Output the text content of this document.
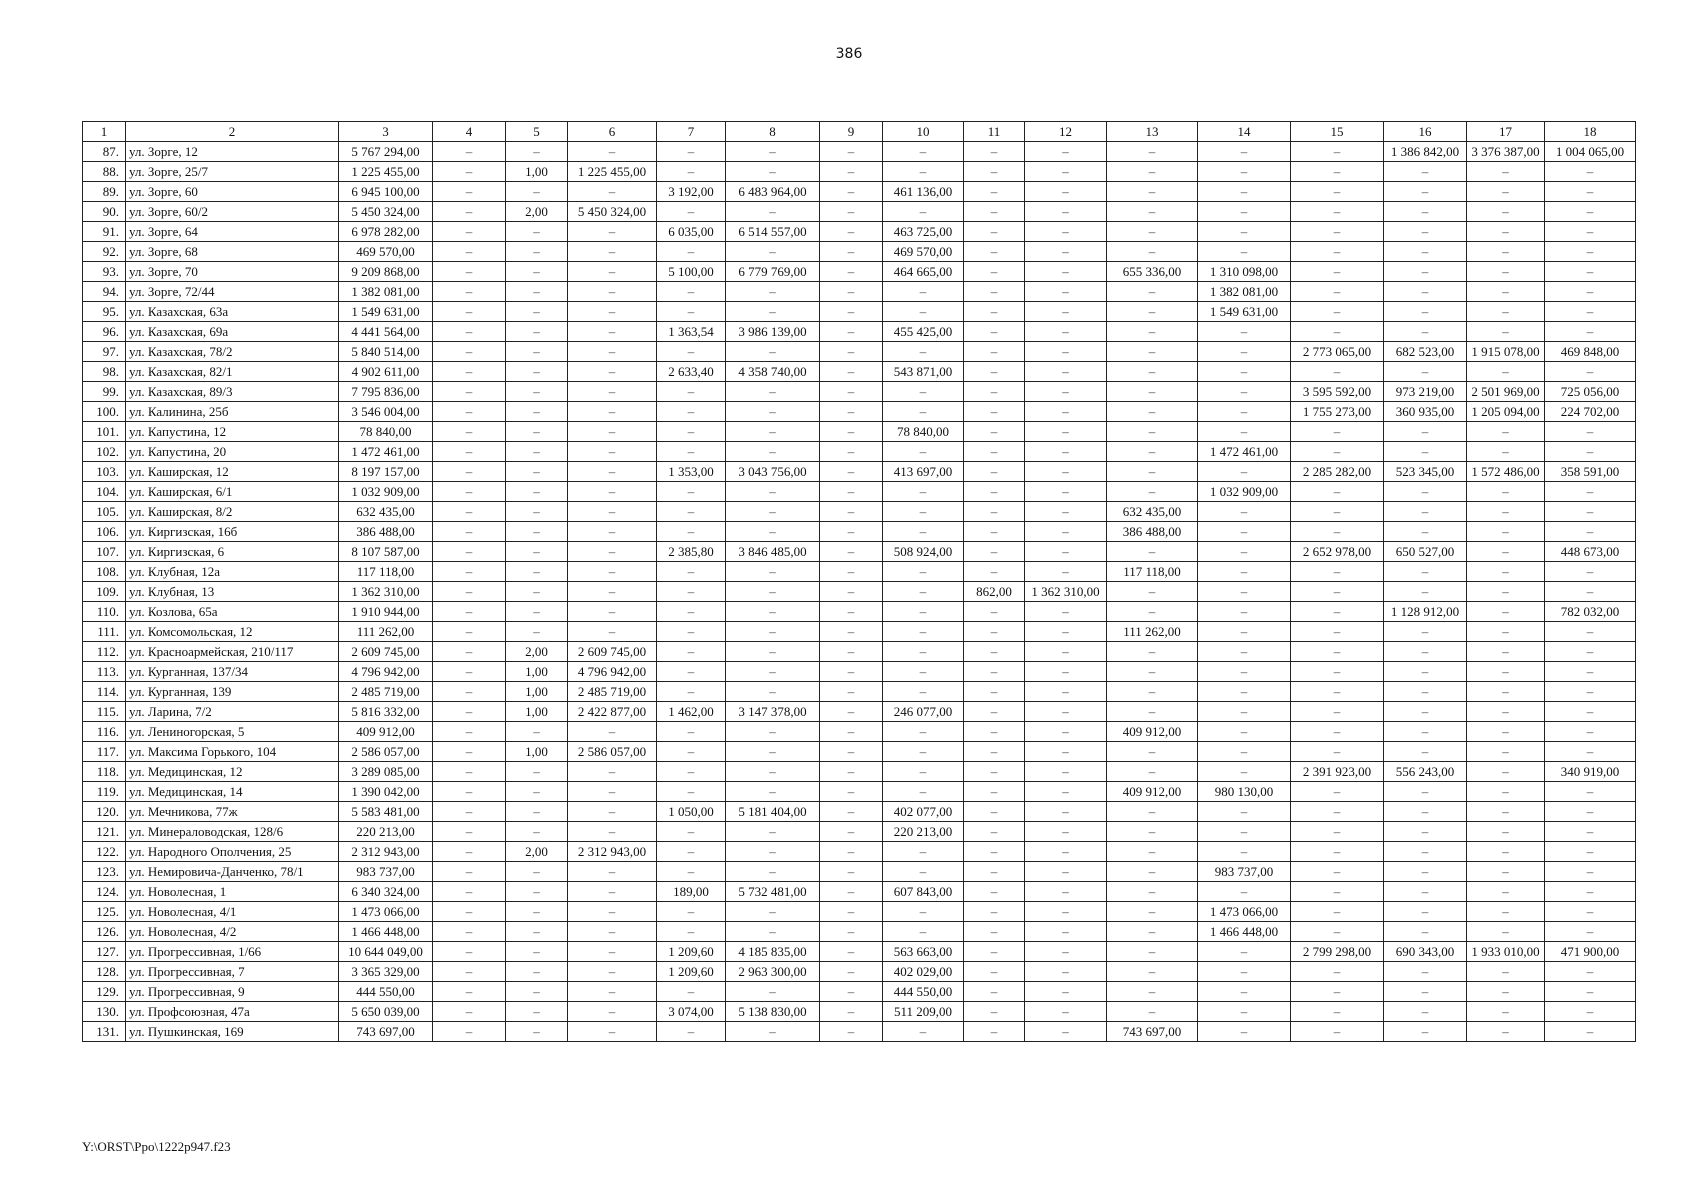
386
1	2	3	4	5	6	7	8	9	10	11	12	13	14	15	16	17	18
87.	ул. Зорге, 12	5 767 294,00	–	–	–	–	–	–	–	–	–	–	–	–	1 386 842,00	3 376 387,00	1 004 065,00
88.	ул. Зорге, 25/7	1 225 455,00	–	1,00	1 225 455,00	–	–	–	–	–	–	–	–	–	–	–	–
89.	ул. Зорге, 60	6 945 100,00	–	–	–	3 192,00	6 483 964,00	–	461 136,00	–	–	–	–	–	–	–	–
90.	ул. Зорге, 60/2	5 450 324,00	–	2,00	5 450 324,00	–	–	–	–	–	–	–	–	–	–	–	–
91.	ул. Зорге, 64	6 978 282,00	–	–	–	6 035,00	6 514 557,00	–	463 725,00	–	–	–	–	–	–	–	–
92.	ул. Зорге, 68	469 570,00	–	–	–	–	–	–	469 570,00	–	–	–	–	–	–	–	–
93.	ул. Зорге, 70	9 209 868,00	–	–	–	5 100,00	6 779 769,00	–	464 665,00	–	–	655 336,00	1 310 098,00	–	–	–	–
94.	ул. Зорге, 72/44	1 382 081,00	–	–	–	–	–	–	–	–	–	–	1 382 081,00	–	–	–	–
95.	ул. Казахская, 63а	1 549 631,00	–	–	–	–	–	–	–	–	–	–	1 549 631,00	–	–	–	–
96.	ул. Казахская, 69а	4 441 564,00	–	–	–	1 363,54	3 986 139,00	–	455 425,00	–	–	–	–	–	–	–	–
97.	ул. Казахская, 78/2	5 840 514,00	–	–	–	–	–	–	–	–	–	–	–	2 773 065,00	682 523,00	1 915 078,00	469 848,00
98.	ул. Казахская, 82/1	4 902 611,00	–	–	–	2 633,40	4 358 740,00	–	543 871,00	–	–	–	–	–	–	–	–
99.	ул. Казахская, 89/3	7 795 836,00	–	–	–	–	–	–	–	–	–	–	–	3 595 592,00	973 219,00	2 501 969,00	725 056,00
100.	ул. Калинина, 25б	3 546 004,00	–	–	–	–	–	–	–	–	–	–	–	1 755 273,00	360 935,00	1 205 094,00	224 702,00
101.	ул. Капустина, 12	78 840,00	–	–	–	–	–	–	78 840,00	–	–	–	–	–	–	–	–
102.	ул. Капустина, 20	1 472 461,00	–	–	–	–	–	–	–	–	–	–	1 472 461,00	–	–	–	–
103.	ул. Каширская, 12	8 197 157,00	–	–	–	1 353,00	3 043 756,00	–	413 697,00	–	–	–	–	2 285 282,00	523 345,00	1 572 486,00	358 591,00
104.	ул. Каширская, 6/1	1 032 909,00	–	–	–	–	–	–	–	–	–	–	1 032 909,00	–	–	–	–
105.	ул. Каширская, 8/2	632 435,00	–	–	–	–	–	–	–	–	–	632 435,00	–	–	–	–	–
106.	ул. Киргизская, 16б	386 488,00	–	–	–	–	–	–	–	–	–	386 488,00	–	–	–	–	–
107.	ул. Киргизская, 6	8 107 587,00	–	–	–	2 385,80	3 846 485,00	–	508 924,00	–	–	–	–	2 652 978,00	650 527,00	–	448 673,00
108.	ул. Клубная, 12а	117 118,00	–	–	–	–	–	–	–	–	–	117 118,00	–	–	–	–	–
109.	ул. Клубная, 13	1 362 310,00	–	–	–	–	–	–	–	862,00	1 362 310,00	–	–	–	–	–	–
110.	ул. Козлова, 65а	1 910 944,00	–	–	–	–	–	–	–	–	–	–	–	–	1 128 912,00	–	782 032,00
111.	ул. Комсомольская, 12	111 262,00	–	–	–	–	–	–	–	–	–	111 262,00	–	–	–	–	–
112.	ул. Красноармейская, 210/117	2 609 745,00	–	2,00	2 609 745,00	–	–	–	–	–	–	–	–	–	–	–	–
113.	ул. Курганная, 137/34	4 796 942,00	–	1,00	4 796 942,00	–	–	–	–	–	–	–	–	–	–	–	–
114.	ул. Курганная, 139	2 485 719,00	–	1,00	2 485 719,00	–	–	–	–	–	–	–	–	–	–	–	–
115.	ул. Ларина, 7/2	5 816 332,00	–	1,00	2 422 877,00	1 462,00	3 147 378,00	–	246 077,00	–	–	–	–	–	–	–	–
116.	ул. Лениногорская, 5	409 912,00	–	–	–	–	–	–	–	–	–	409 912,00	–	–	–	–	–
117.	ул. Максима Горького, 104	2 586 057,00	–	1,00	2 586 057,00	–	–	–	–	–	–	–	–	–	–	–	–
118.	ул. Медицинская, 12	3 289 085,00	–	–	–	–	–	–	–	–	–	–	–	2 391 923,00	556 243,00	–	340 919,00
119.	ул. Медицинская, 14	1 390 042,00	–	–	–	–	–	–	–	–	–	409 912,00	980 130,00	–	–	–	–
120.	ул. Мечникова, 77ж	5 583 481,00	–	–	–	1 050,00	5 181 404,00	–	402 077,00	–	–	–	–	–	–	–	–
121.	ул. Минераловодская, 128/6	220 213,00	–	–	–	–	–	–	220 213,00	–	–	–	–	–	–	–	–
122.	ул. Народного Ополчения, 25	2 312 943,00	–	2,00	2 312 943,00	–	–	–	–	–	–	–	–	–	–	–	–
123.	ул. Немировича-Данченко, 78/1	983 737,00	–	–	–	–	–	–	–	–	–	–	983 737,00	–	–	–	–
124.	ул. Новолесная, 1	6 340 324,00	–	–	–	189,00	5 732 481,00	–	607 843,00	–	–	–	–	–	–	–	–
125.	ул. Новолесная, 4/1	1 473 066,00	–	–	–	–	–	–	–	–	–	–	1 473 066,00	–	–	–	–
126.	ул. Новолесная, 4/2	1 466 448,00	–	–	–	–	–	–	–	–	–	–	1 466 448,00	–	–	–	–
127.	ул. Прогрессивная, 1/66	10 644 049,00	–	–	–	1 209,60	4 185 835,00	–	563 663,00	–	–	–	–	2 799 298,00	690 343,00	1 933 010,00	471 900,00
128.	ул. Прогрессивная, 7	3 365 329,00	–	–	–	1 209,60	2 963 300,00	–	402 029,00	–	–	–	–	–	–	–	–
129.	ул. Прогрессивная, 9	444 550,00	–	–	–	–	–	–	444 550,00	–	–	–	–	–	–	–	–
130.	ул. Профсоюзная, 47а	5 650 039,00	–	–	–	3 074,00	5 138 830,00	–	511 209,00	–	–	–	–	–	–	–	–
131.	ул. Пушкинская, 169	743 697,00	–	–	–	–	–	–	–	–	–	743 697,00	–	–	–	–	–
Y:\ORST\Ppo\1222p947.f23
